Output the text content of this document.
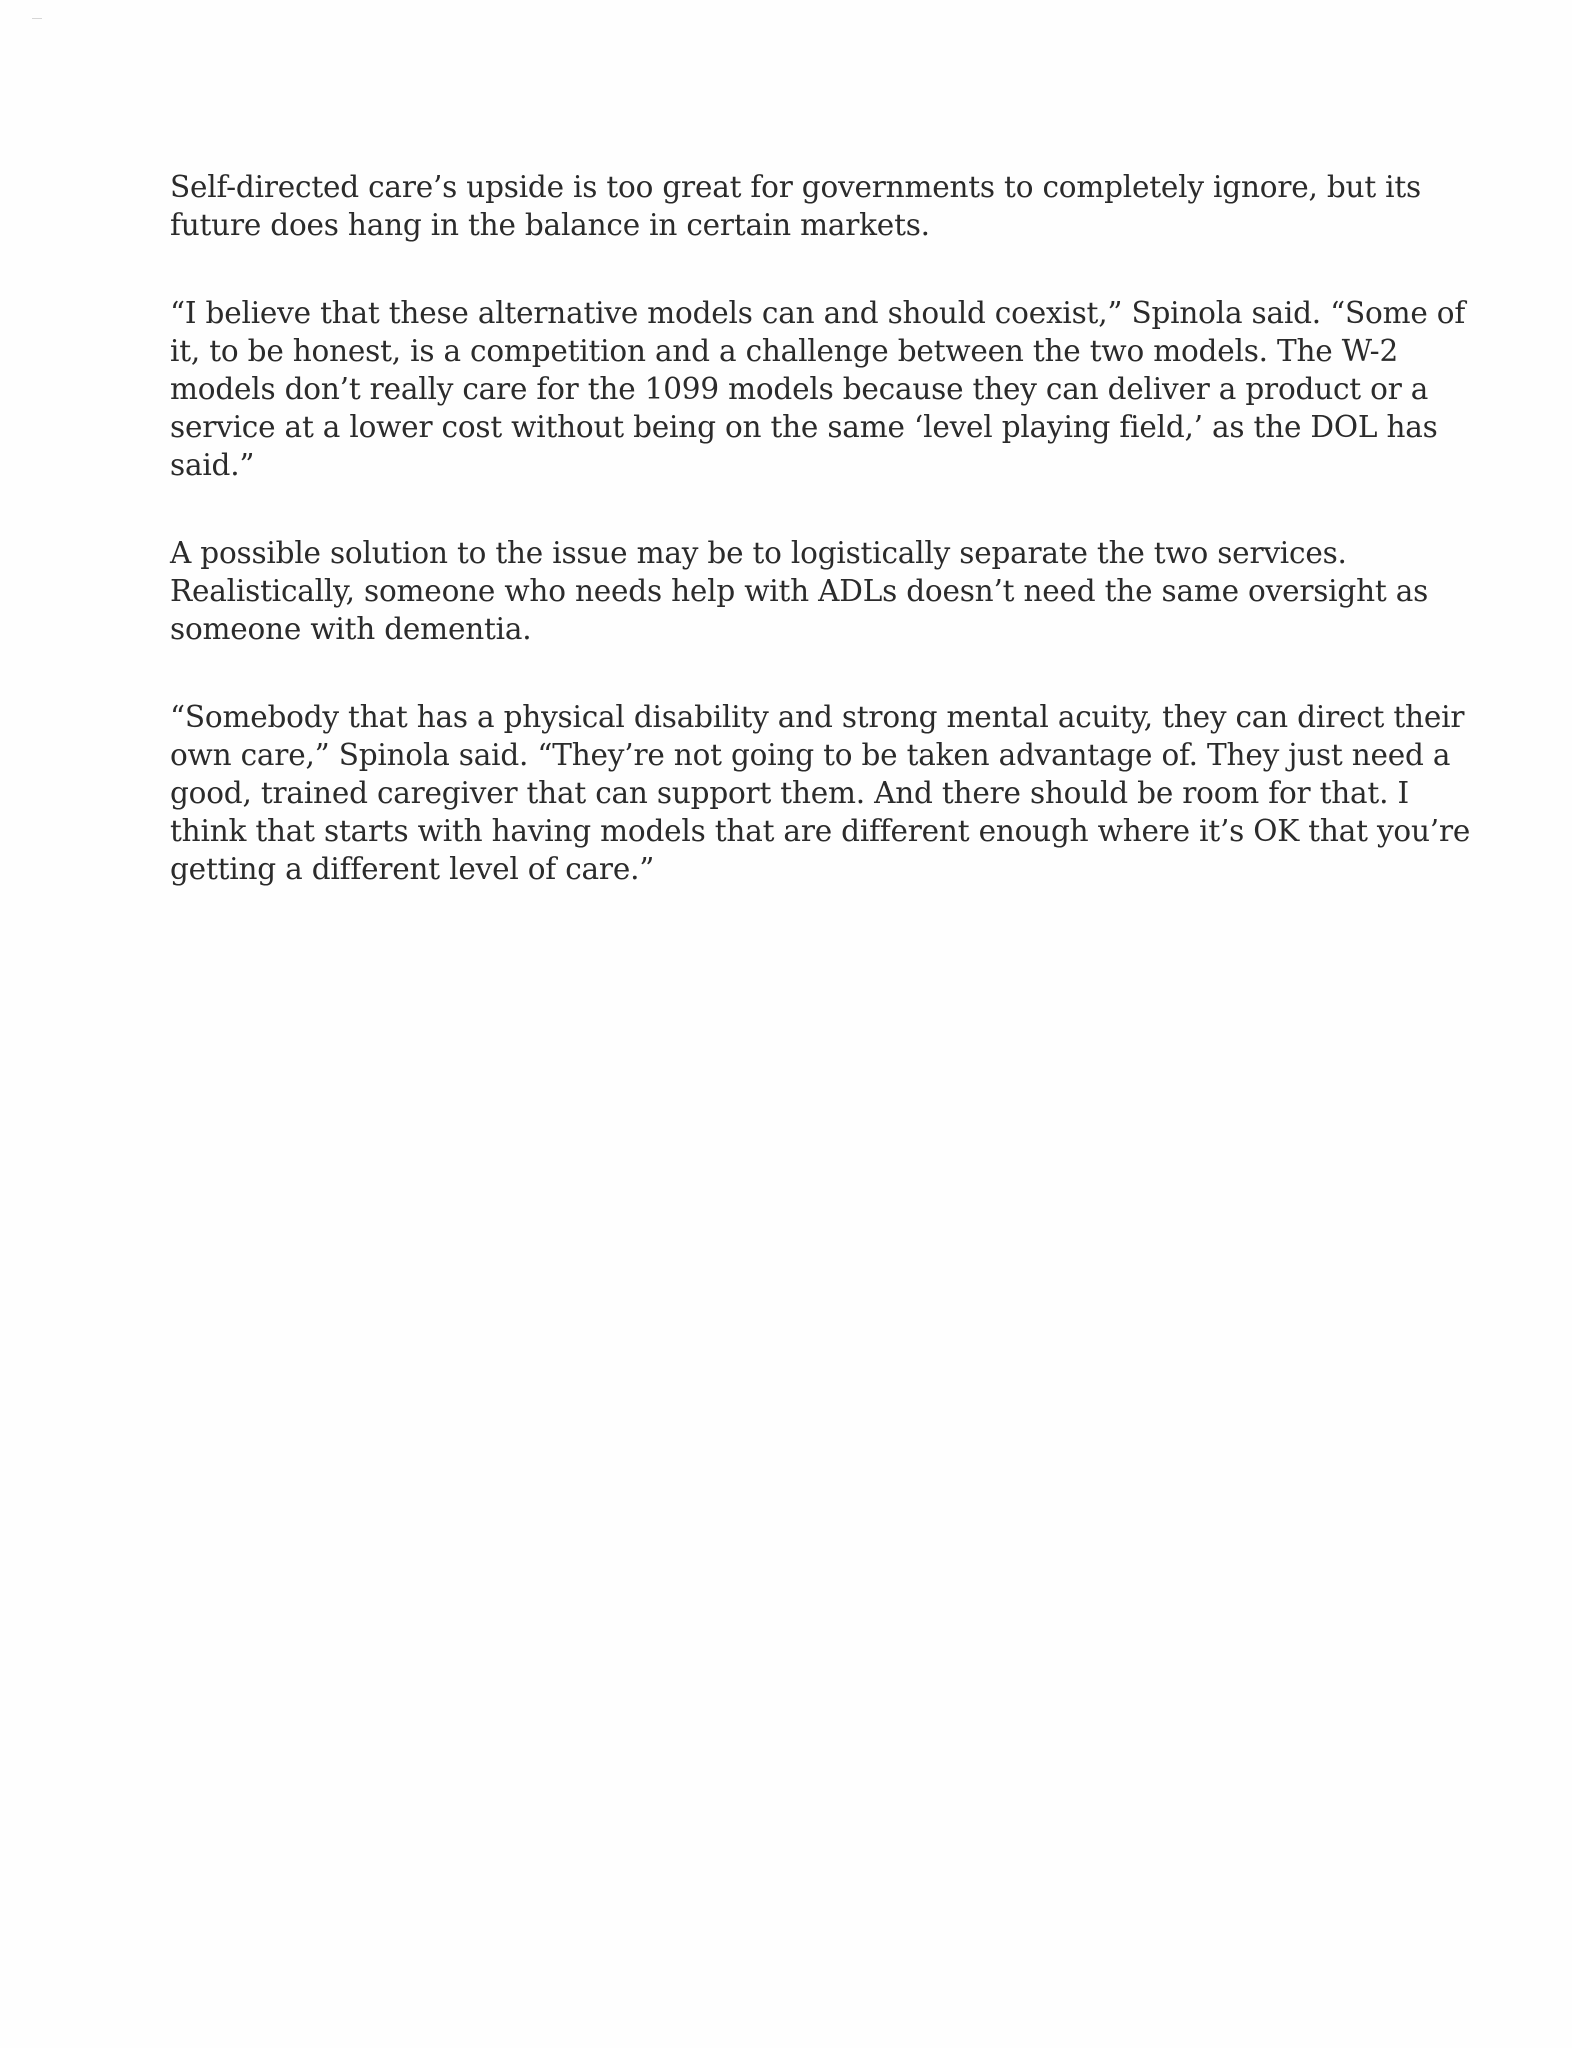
Self-directed care’s upside is too great for governments to completely ignore, but its
future does hang in the balance in certain markets.

“I believe that these alternative models can and should coexist,” Spinola said. “Some of
it, to be honest, is a competition and a challenge between the two models. The W-2
models don’t really care for the 1099 models because they can deliver a product or a
service at a lower cost without being on the same ‘level playing field,’ as the DOL has
said.”

A possible solution to the issue may be to logistically separate the two services.
Realistically, someone who needs help with ADLs doesn’t need the same oversight as
someone with dementia.

“Somebody that has a physical disability and strong mental acuity, they can direct their
own care,” Spinola said. “They’re not going to be taken advantage of. They just need a
good, trained caregiver that can support them. And there should be room for that. I
think that starts with having models that are different enough where it’s OK that you’re
getting a different level of care.”
